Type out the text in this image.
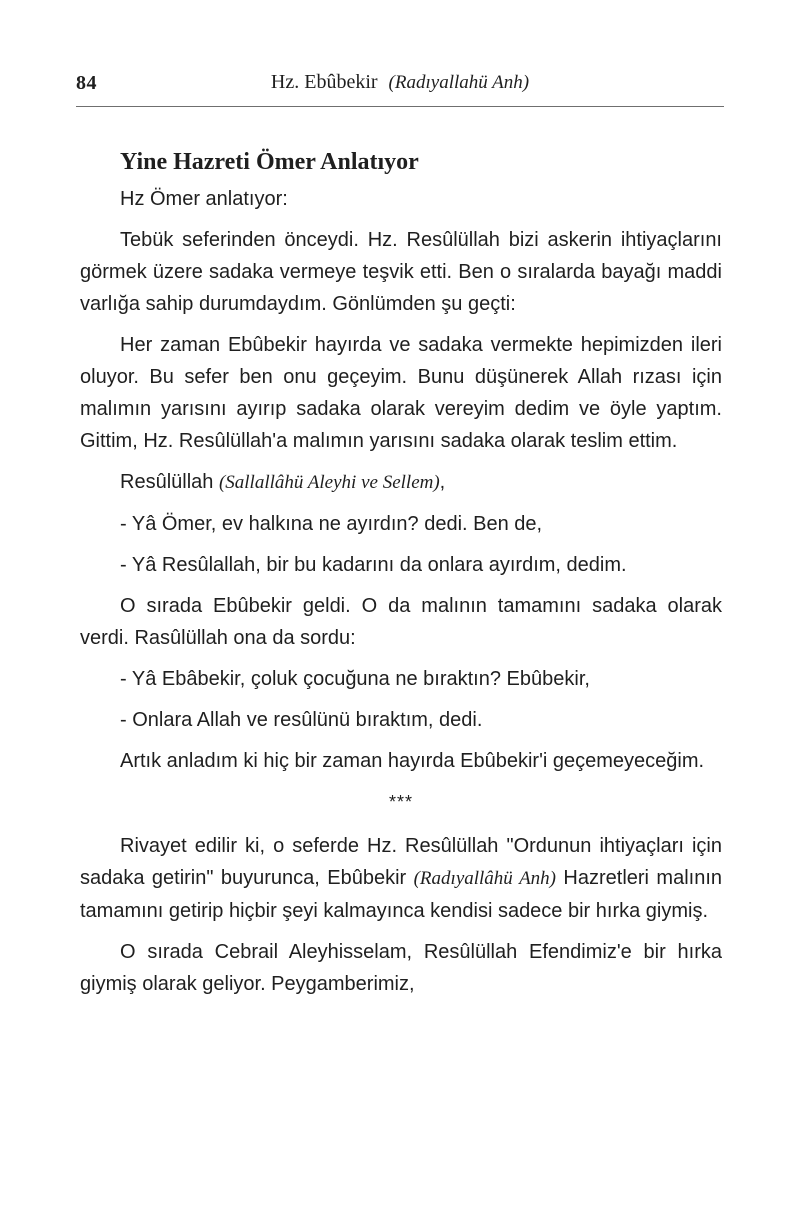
84	Hz. Ebûbekir (Radıyallahü Anh)
Yine Hazreti Ömer Anlatıyor

Hz Ömer anlatıyor:

Tebük seferinden önceydi. Hz. Resûlüllah bizi askerin ihtiyaçlarını görmek üzere sadaka vermeye teşvik etti. Ben o sıralarda bayağı maddi varlığa sahip durumdaydım. Gönlümden şu geçti:

Her zaman Ebûbekir hayırda ve sadaka vermekte hepimizden ileri oluyor. Bu sefer ben onu geçeyim. Bunu düşünerek Allah rızası için malımın yarısını ayırıp sadaka olarak vereyim dedim ve öyle yaptım. Gittim, Hz. Resûlüllah'a malımın yarısını sadaka olarak teslim ettim.

Resûlüllah (Sallallâhü Aleyhi ve Sellem),

- Yâ Ömer, ev halkına ne ayırdın? dedi. Ben de,

- Yâ Resûlallah, bir bu kadarını da onlara ayırdım, dedim.

O sırada Ebûbekir geldi. O da malının tamamını sadaka olarak verdi. Rasûlüllah ona da sordu:

- Yâ Ebâbekir, çoluk çocuğuna ne bıraktın? Ebûbekir,

- Onlara Allah ve resûlünü bıraktım, dedi.

Artık anladım ki hiç bir zaman hayırda Ebûbekir'i geçemeyeceğim.

***

Rivayet edilir ki, o seferde Hz. Resûlüllah "Ordunun ihtiyaçları için sadaka getirin" buyurunca, Ebûbekir (Radıyallâhü Anh) Hazretleri malının tamamını getirip hiçbir şeyi kalmayınca kendisi sadece bir hırka giymiş.

O sırada Cebrail Aleyhisselam, Resûlüllah Efendimiz'e bir hırka giymiş olarak geliyor. Peygamberimiz,
